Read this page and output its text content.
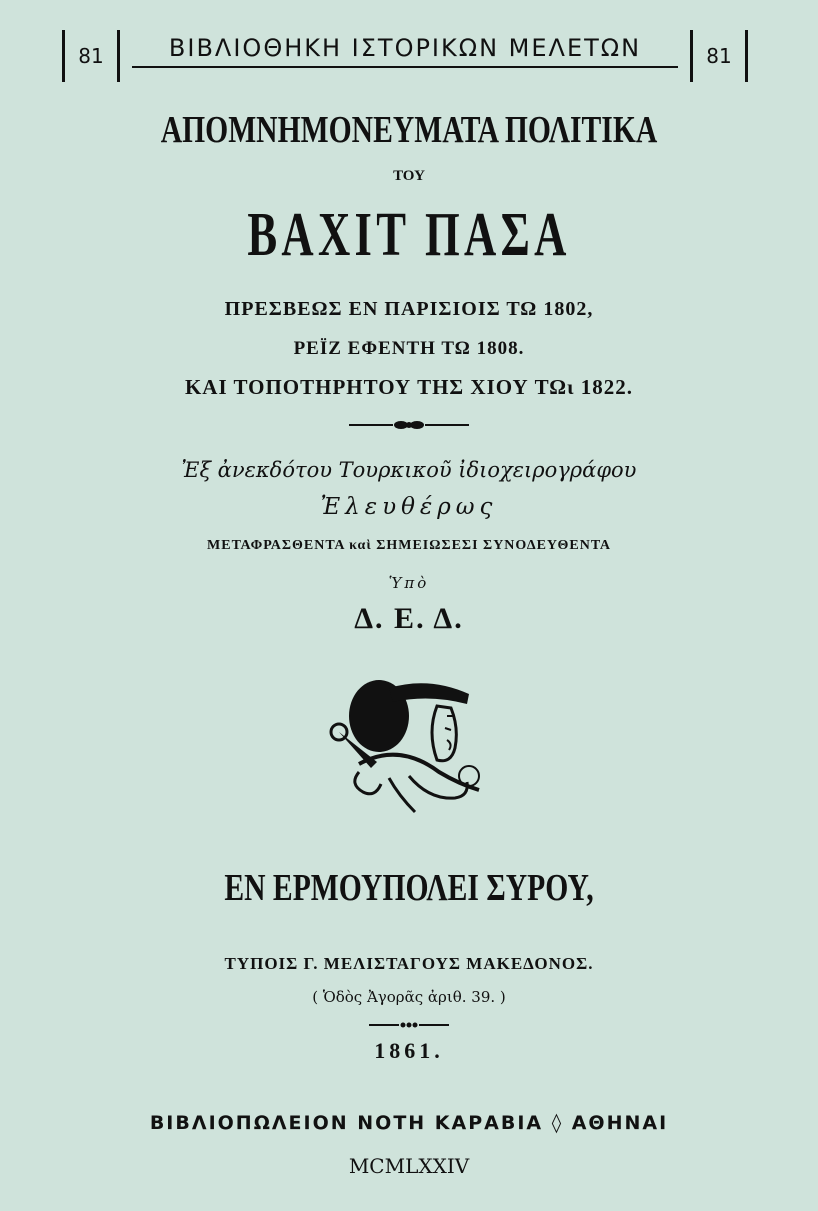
81	ΒΙΒΛΙΟΘΗΚΗ ΙΣΤΟΡΙΚΩΝ ΜΕΛΕΤΩΝ	81
ΑΠΟΜΝΗΜΟΝΕΥΜΑΤΑ ΠΟΛΙΤΙΚΑ
ΤΟΥ
ΒΑΧΙΤ ΠΑΣΑ
ΠΡΕΣΒΕΩΣ ΕΝ ΠΑΡΙΣΙΟΙΣ ΤΩ 1802,
ΡΕΪΖ ΕΦΕΝΤΗ ΤΩ 1808.
ΚΑΙ ΤΟΠΟΤΗΡΗΤΟΥ ΤΗΣ ΧΙΟΥ ΤΩι 1822.
Ἐξ ἀνεκδότου Τουρκικοῦ ἰδιοχειρογράφου
Ἐλευθέρως
ΜΕΤΑΦΡΑΣΘΕΝΤΑ καὶ ΣΗΜΕΙΩΣΕΣΙ ΣΥΝΟΔΕΥΘΕΝΤΑ
Ὑπὸ
Δ. Ε. Δ.
ΕΝ ΕΡΜΟΥΠΟΛΕΙ ΣΥΡΟΥ,
ΤΥΠΟΙΣ Γ. ΜΕΛΙΣΤΑΓΟΥΣ ΜΑΚΕΔΟΝΟΣ.
( Ὁδὸς Ἀγορᾶς ἀριθ. 39. )
1861.
ΒΙΒΛΙΟΠΩΛΕΙΟΝ ΝΟΤΗ ΚΑΡΑΒΙΑ ◊ ΑΘΗΝΑΙ
MCMLXXIV
